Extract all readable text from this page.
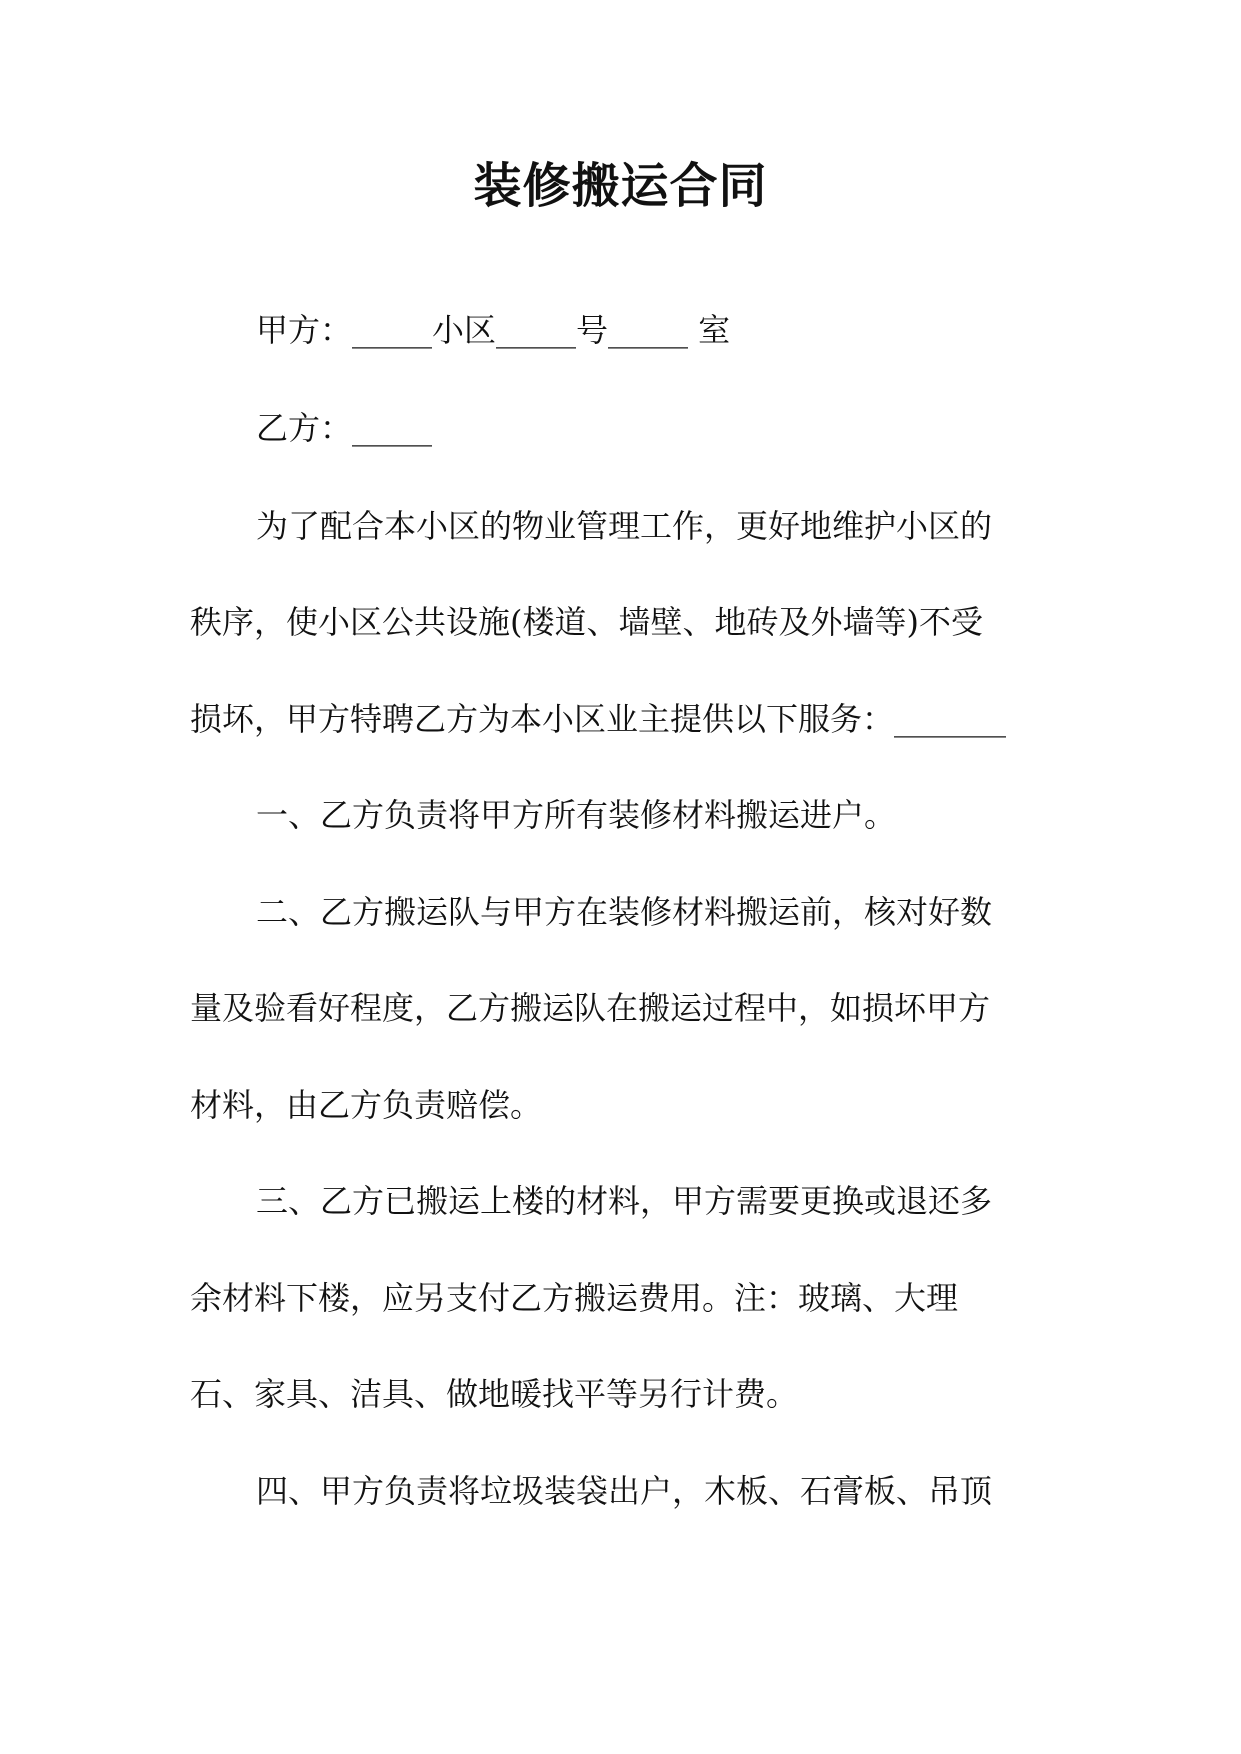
装修搬运合同

甲方：_____小区_____号_____ 室

乙方：_____

为了配合本小区的物业管理工作，更好地维护小区的

秩序，使小区公共设施(楼道、墙壁、地砖及外墙等)不受

损坏，甲方特聘乙方为本小区业主提供以下服务：_______

一、乙方负责将甲方所有装修材料搬运进户。

二、乙方搬运队与甲方在装修材料搬运前，核对好数

量及验看好程度，乙方搬运队在搬运过程中，如损坏甲方

材料，由乙方负责赔偿。

三、乙方已搬运上楼的材料，甲方需要更换或退还多

余材料下楼，应另支付乙方搬运费用。注：玻璃、大理

石、家具、洁具、做地暖找平等另行计费。

四、甲方负责将垃圾装袋出户，木板、石膏板、吊顶
